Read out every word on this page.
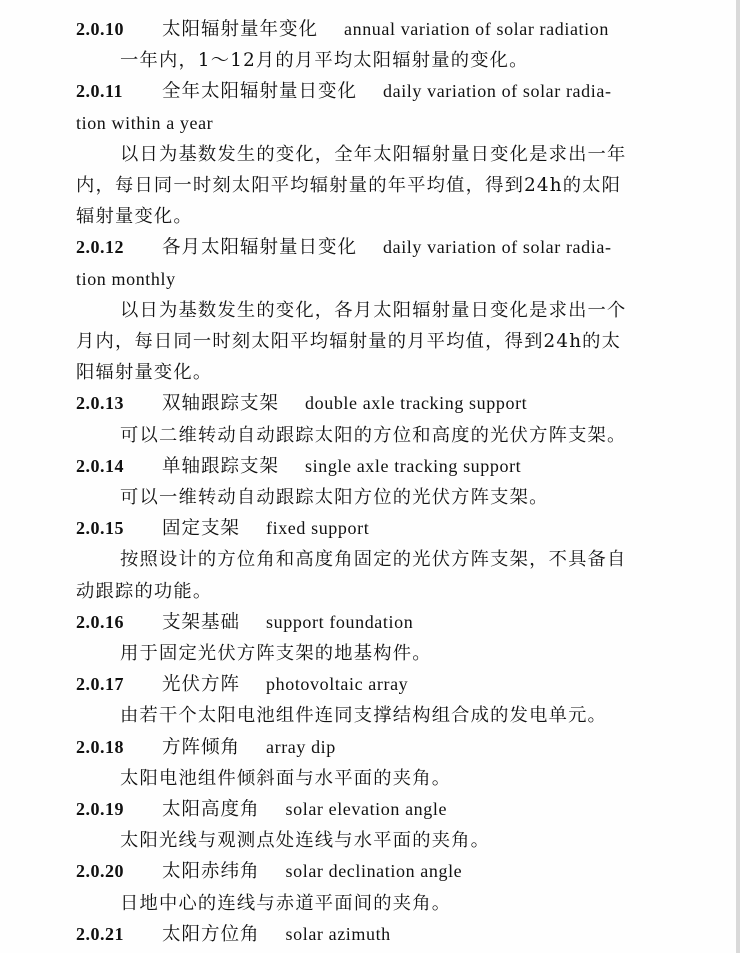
2.0.10 太阳辐射量年变化 annual variation of solar radiation
一年内，1～12月的月平均太阳辐射量的变化。
2.0.11 全年太阳辐射量日变化 daily variation of solar radia-
tion within a year
以日为基数发生的变化，全年太阳辐射量日变化是求出一年
内，每日同一时刻太阳平均辐射量的年平均值，得到24h的太阳
辐射量变化。
2.0.12 各月太阳辐射量日变化 daily variation of solar radia-
tion monthly
以日为基数发生的变化，各月太阳辐射量日变化是求出一个
月内，每日同一时刻太阳平均辐射量的月平均值，得到24h的太
阳辐射量变化。
2.0.13 双轴跟踪支架 double axle tracking support
可以二维转动自动跟踪太阳的方位和高度的光伏方阵支架。
2.0.14 单轴跟踪支架 single axle tracking support
可以一维转动自动跟踪太阳方位的光伏方阵支架。
2.0.15 固定支架 fixed support
按照设计的方位角和高度角固定的光伏方阵支架，不具备自
动跟踪的功能。
2.0.16 支架基础 support foundation
用于固定光伏方阵支架的地基构件。
2.0.17 光伏方阵 photovoltaic array
由若干个太阳电池组件连同支撑结构组合成的发电单元。
2.0.18 方阵倾角 array dip
太阳电池组件倾斜面与水平面的夹角。
2.0.19 太阳高度角 solar elevation angle
太阳光线与观测点处连线与水平面的夹角。
2.0.20 太阳赤纬角 solar declination angle
日地中心的连线与赤道平面间的夹角。
2.0.21 太阳方位角 solar azimuth
